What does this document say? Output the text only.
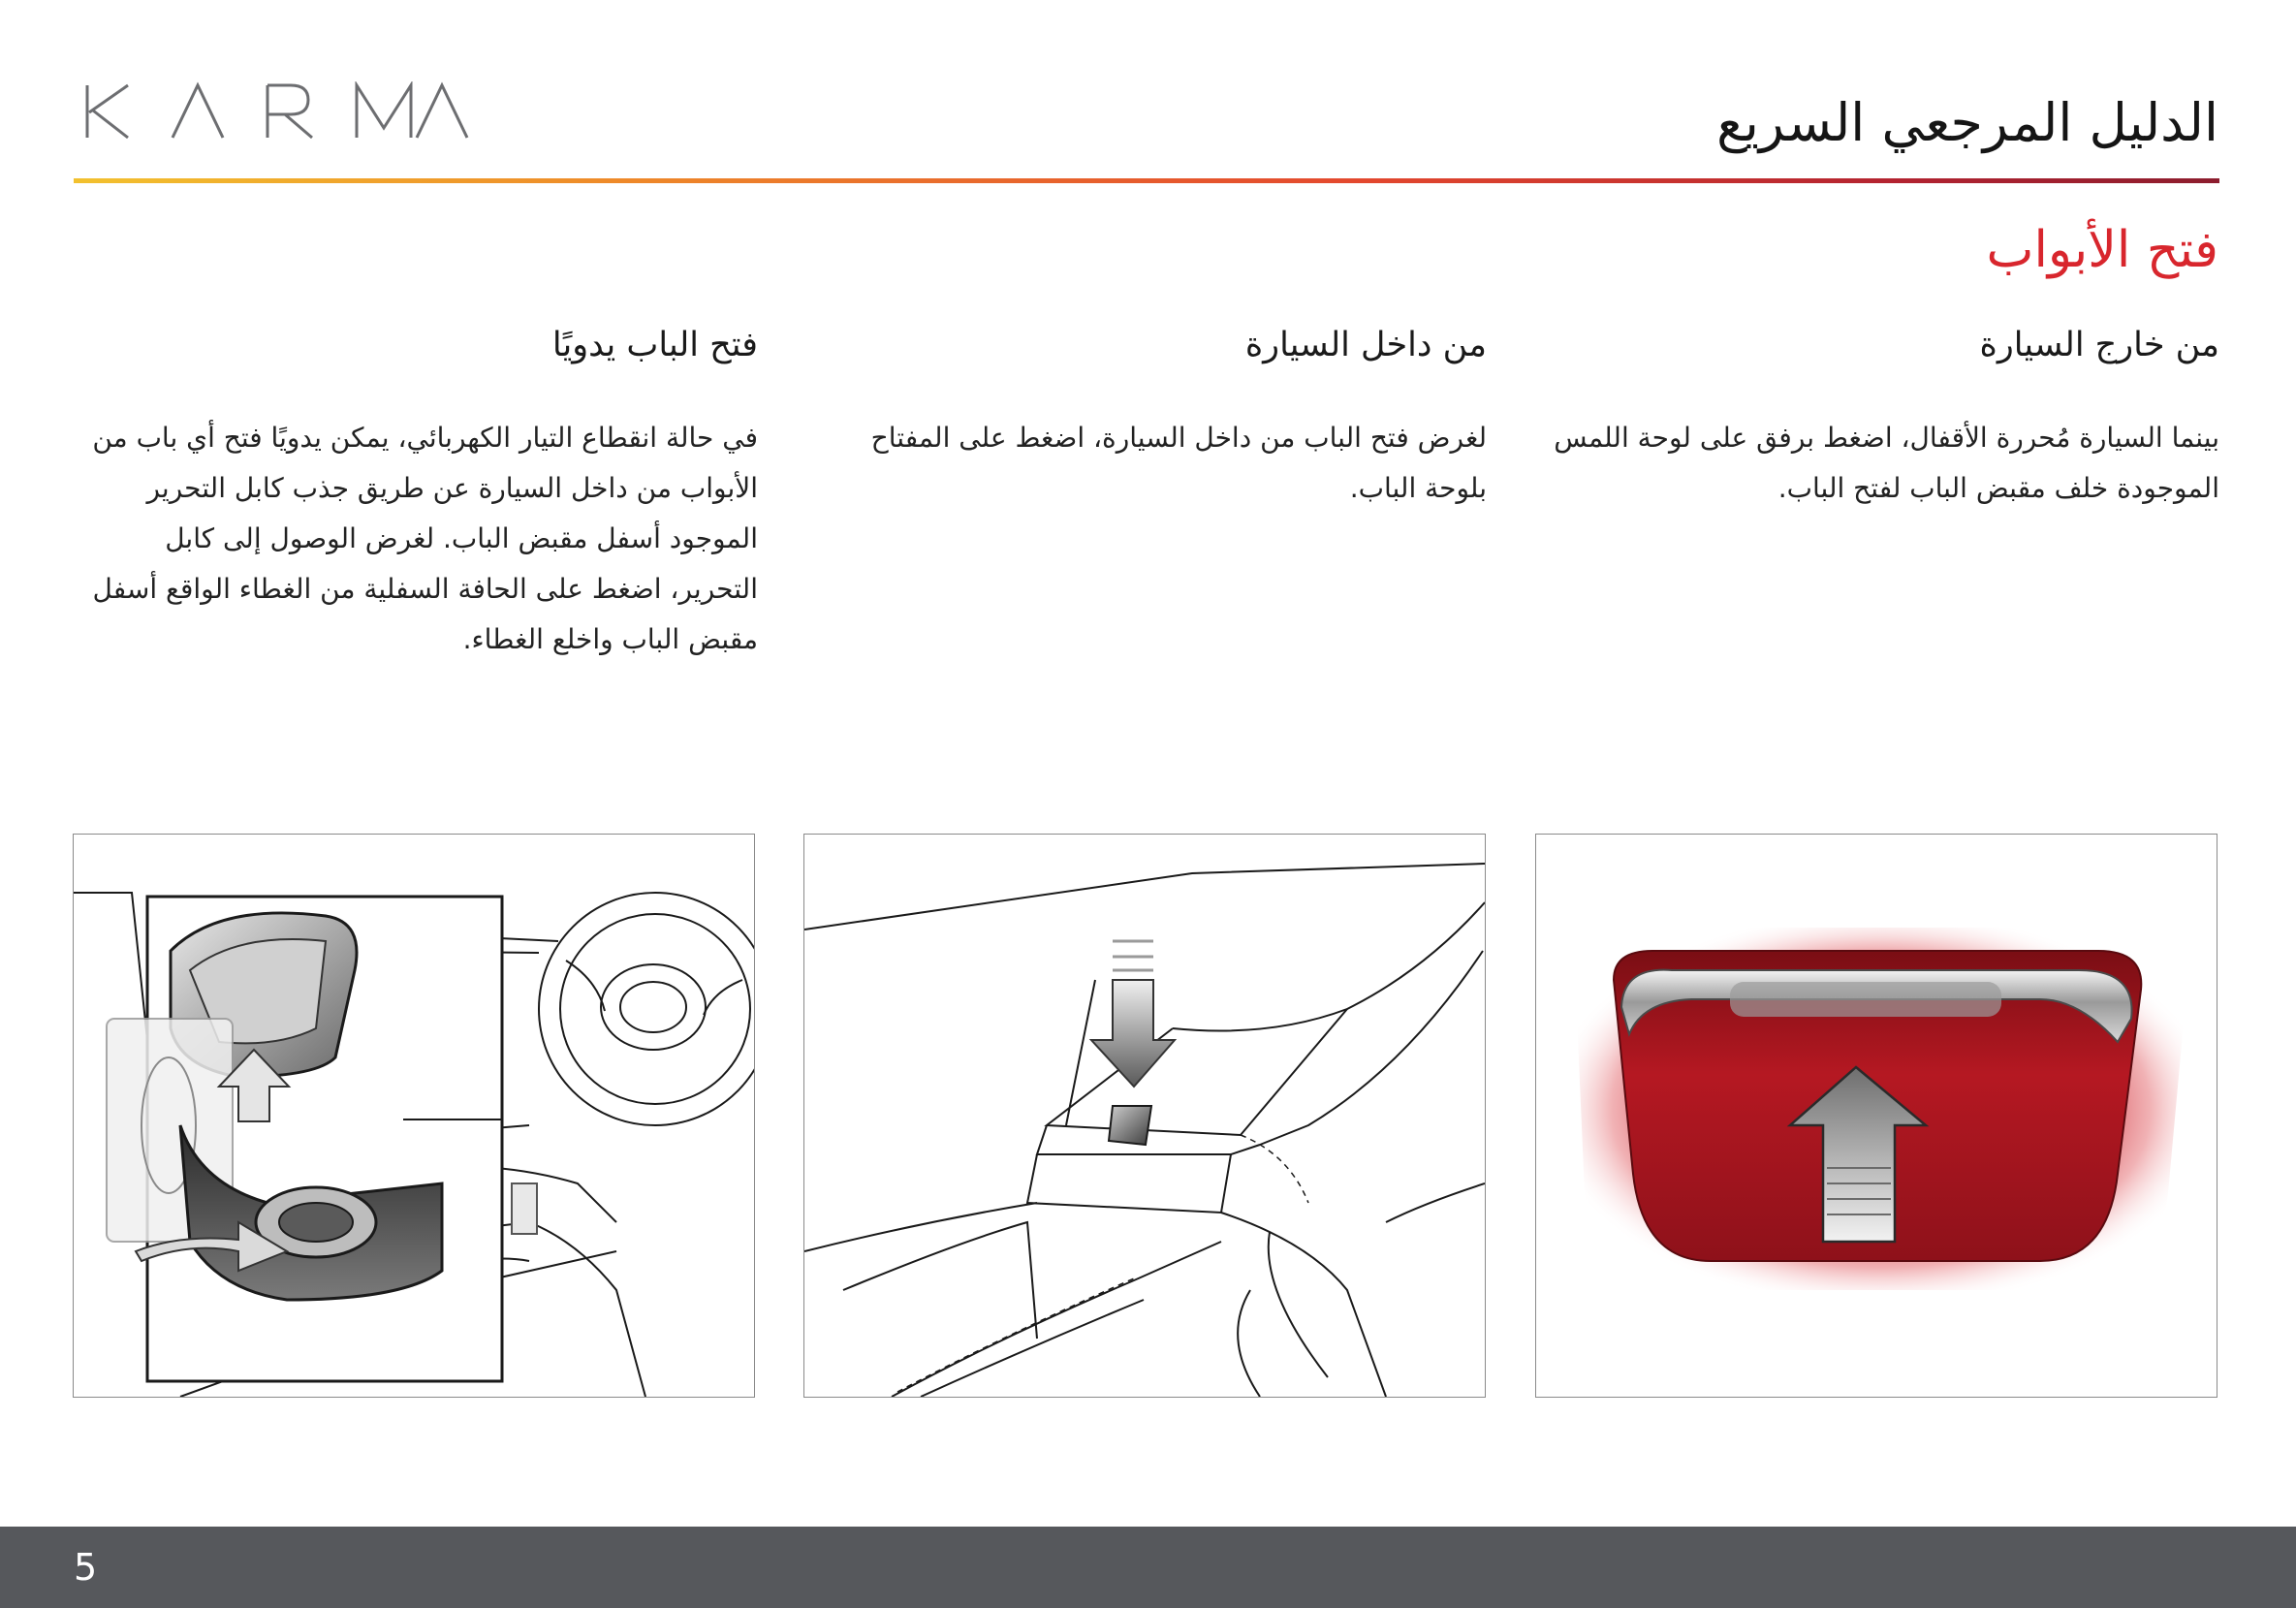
الدليل المرجعي السريع
فتح الأبواب
من خارج السيارة

بينما السيارة مُحررة الأقفال، اضغط برفق على لوحة اللمس الموجودة خلف مقبض الباب لفتح الباب.

من داخل السيارة

لغرض فتح الباب من داخل السيارة، اضغط على المفتاح بلوحة الباب.

فتح الباب يدويًا

في حالة انقطاع التيار الكهربائي، يمكن يدويًا فتح أي باب من الأبواب من داخل السيارة عن طريق جذب كابل التحرير الموجود أسفل مقبض الباب. لغرض الوصول إلى كابل التحرير، اضغط على الحافة السفلية من الغطاء الواقع أسفل مقبض الباب واخلع الغطاء.

5
